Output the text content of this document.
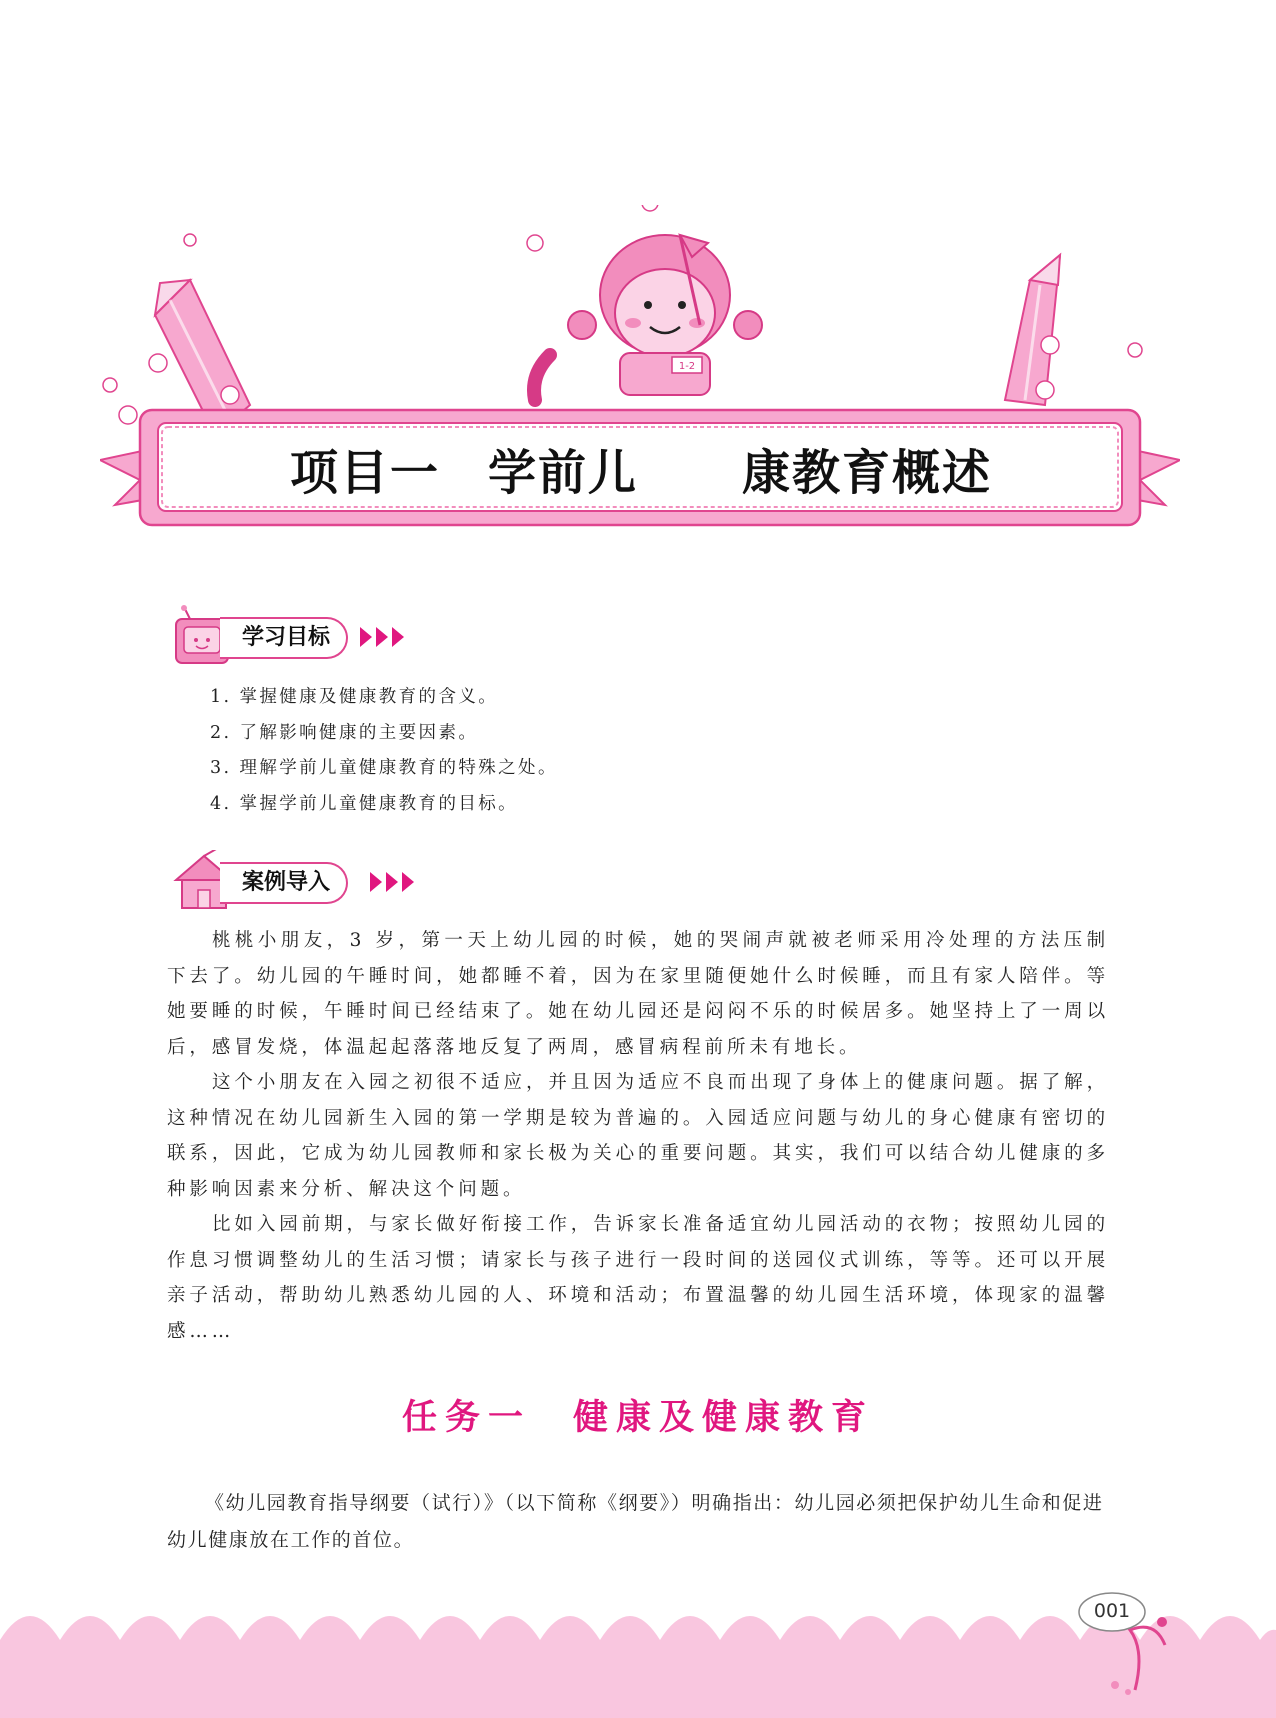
1-2
项目一 学前儿 康教育概述
学习目标
1. 掌握健康及健康教育的含义。
2. 了解影响健康的主要因素。
3. 理解学前儿童健康教育的特殊之处。
4. 掌握学前儿童健康教育的目标。
案例导入

桃桃小朋友，3 岁，第一天上幼儿园的时候，她的哭闹声就被老师采用冷处理的方法压制下去了。幼儿园的午睡时间，她都睡不着，因为在家里随便她什么时候睡，而且有家人陪伴。等她要睡的时候，午睡时间已经结束了。她在幼儿园还是闷闷不乐的时候居多。她坚持上了一周以后，感冒发烧，体温起起落落地反复了两周，感冒病程前所未有地长。

这个小朋友在入园之初很不适应，并且因为适应不良而出现了身体上的健康问题。据了解，这种情况在幼儿园新生入园的第一学期是较为普遍的。入园适应问题与幼儿的身心健康有密切的联系，因此，它成为幼儿园教师和家长极为关心的重要问题。其实，我们可以结合幼儿健康的多种影响因素来分析、解决这个问题。

比如入园前期，与家长做好衔接工作，告诉家长准备适宜幼儿园活动的衣物；按照幼儿园的作息习惯调整幼儿的生活习惯；请家长与孩子进行一段时间的送园仪式训练，等等。还可以开展亲子活动，帮助幼儿熟悉幼儿园的人、环境和活动；布置温馨的幼儿园生活环境，体现家的温馨感……

任务一 健康及健康教育

《幼儿园教育指导纲要（试行）》（以下简称《纲要》）明确指出：幼儿园必须把保护幼儿生命和促进幼儿健康放在工作的首位。

001
